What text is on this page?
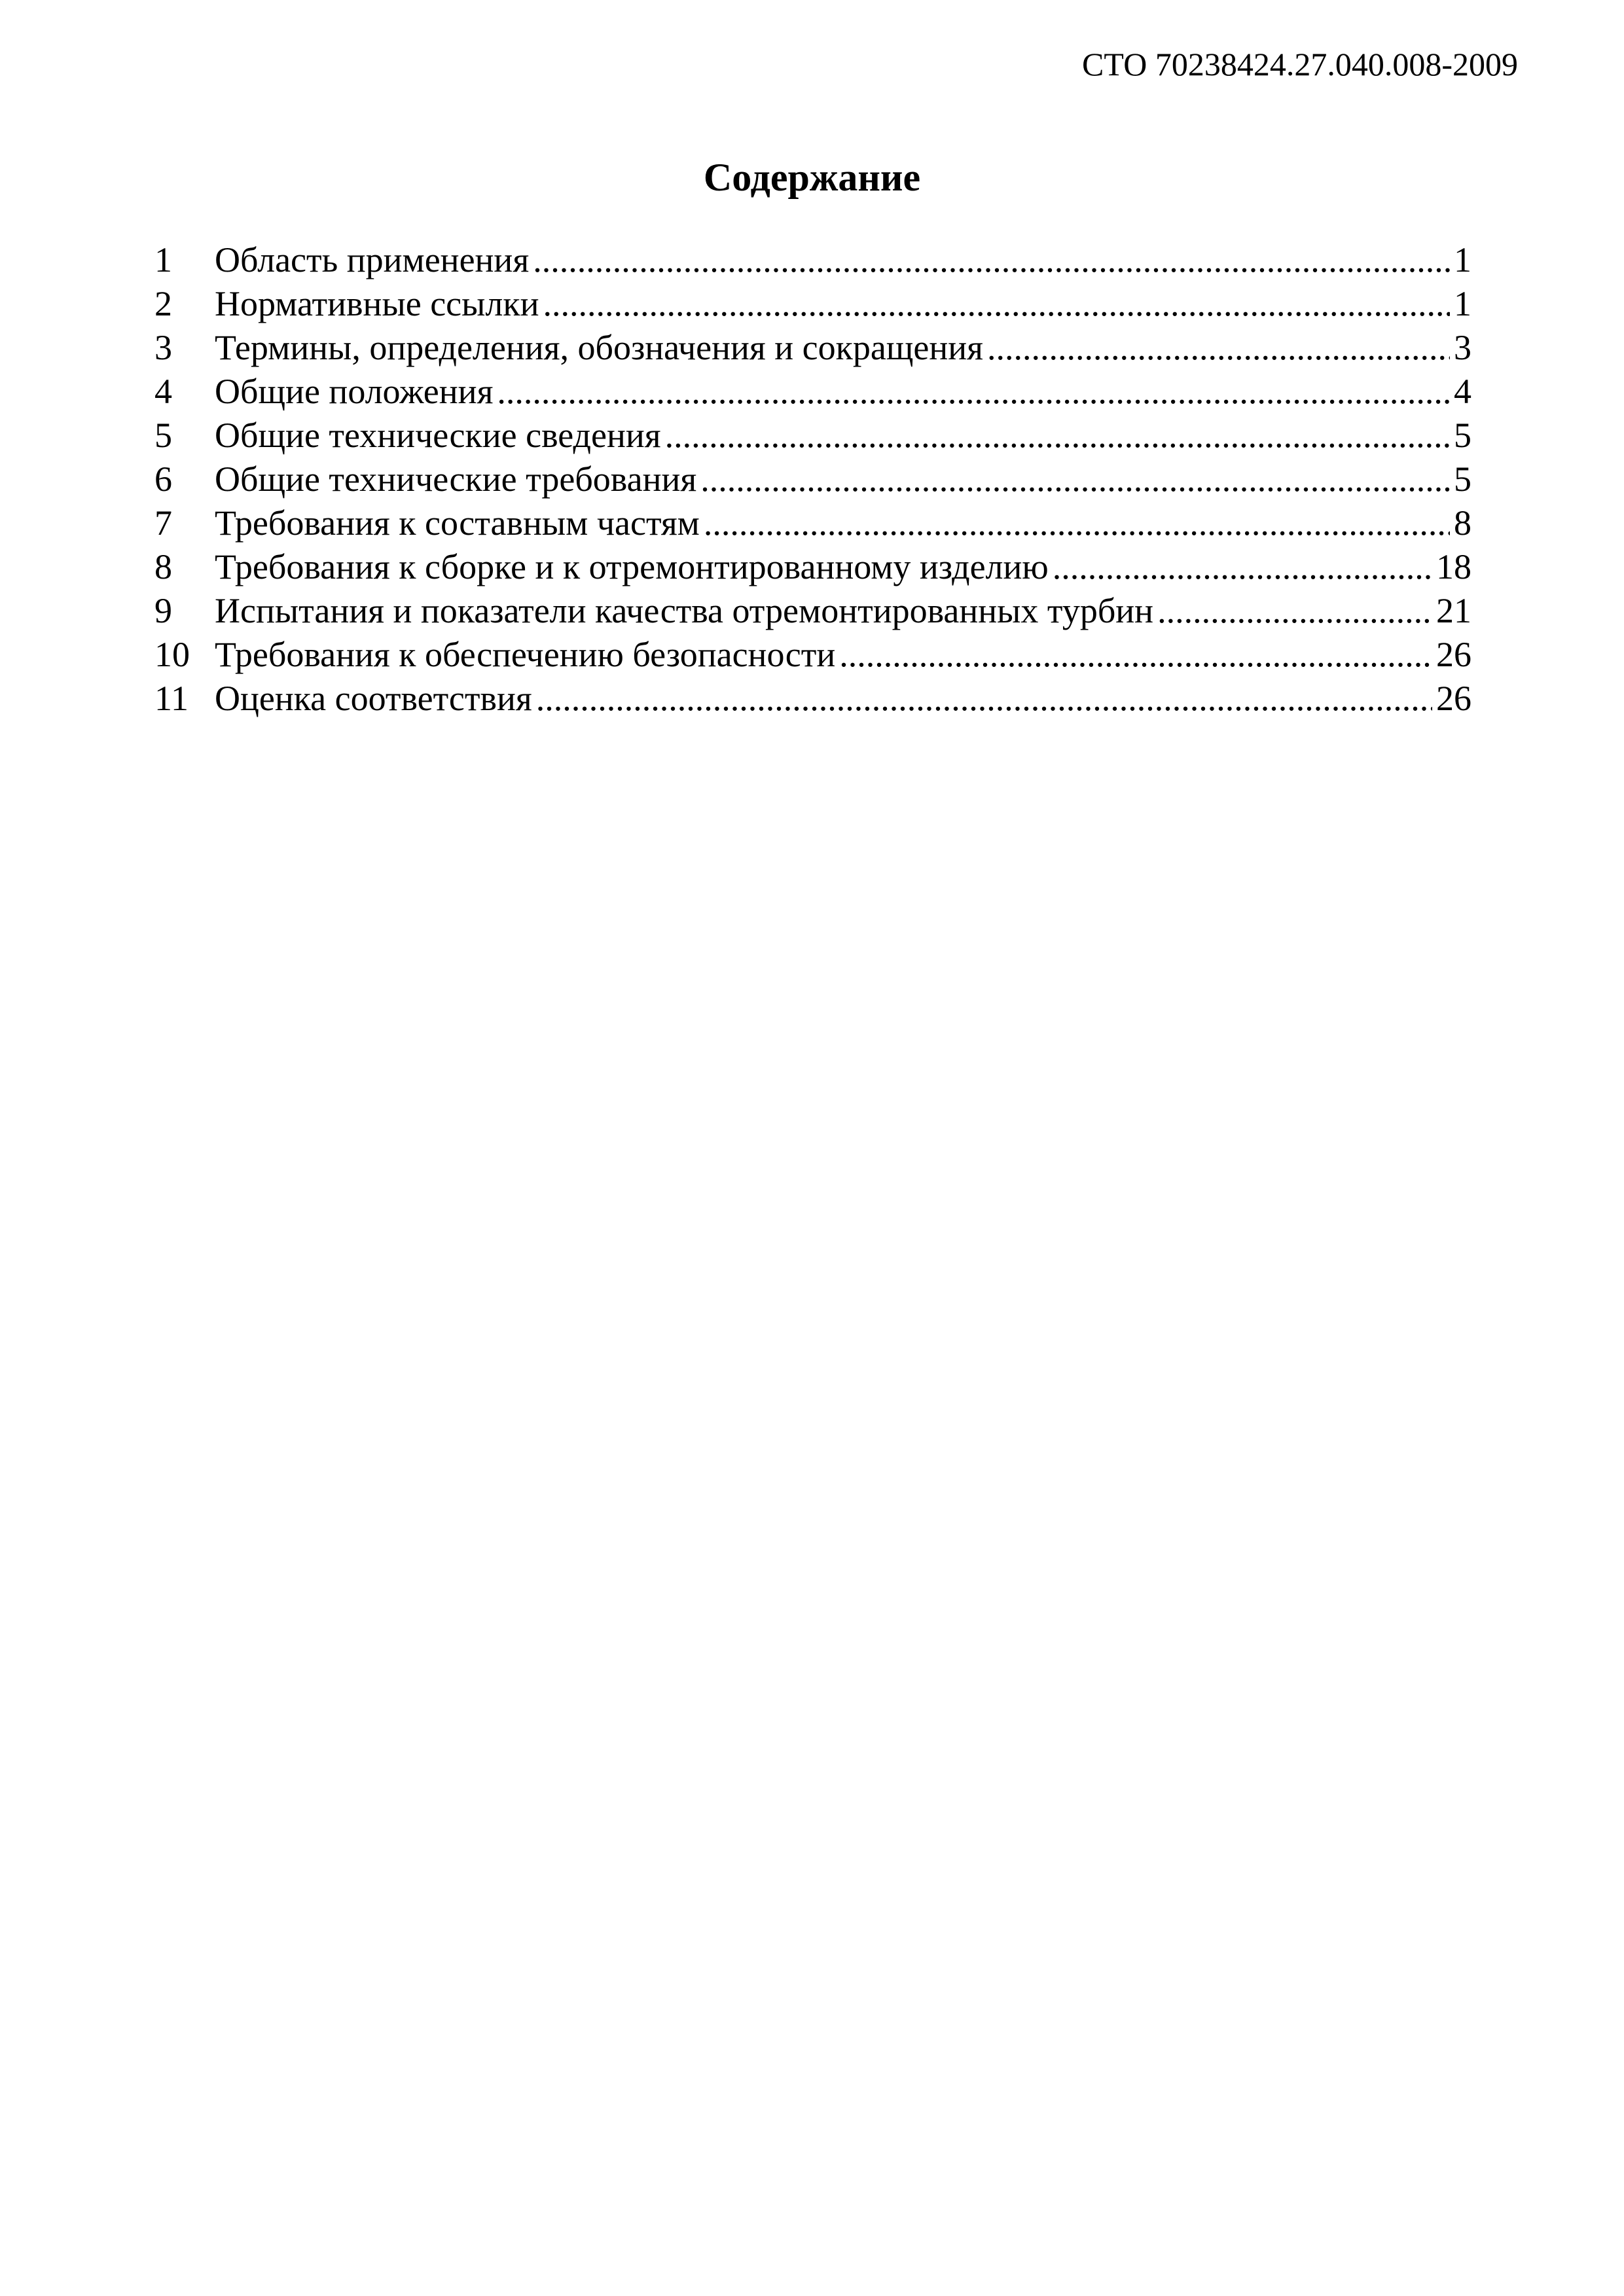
СТО 70238424.27.040.008-2009
Содержание
1	Область применения .....	1
2	Нормативные ссылки .....	1
3	Термины, определения, обозначения и сокращения .....	3
4	Общие положения .....	4
5	Общие технические сведения .....	5
6	Общие технические требования .....	5
7	Требования к составным частям .....	8
8	Требования к сборке и к отремонтированному изделию .....	18
9	Испытания и показатели качества отремонтированных турбин .....	21
10 Требования к обеспечению безопасности .....	26
11 Оценка соответствия .....	26
